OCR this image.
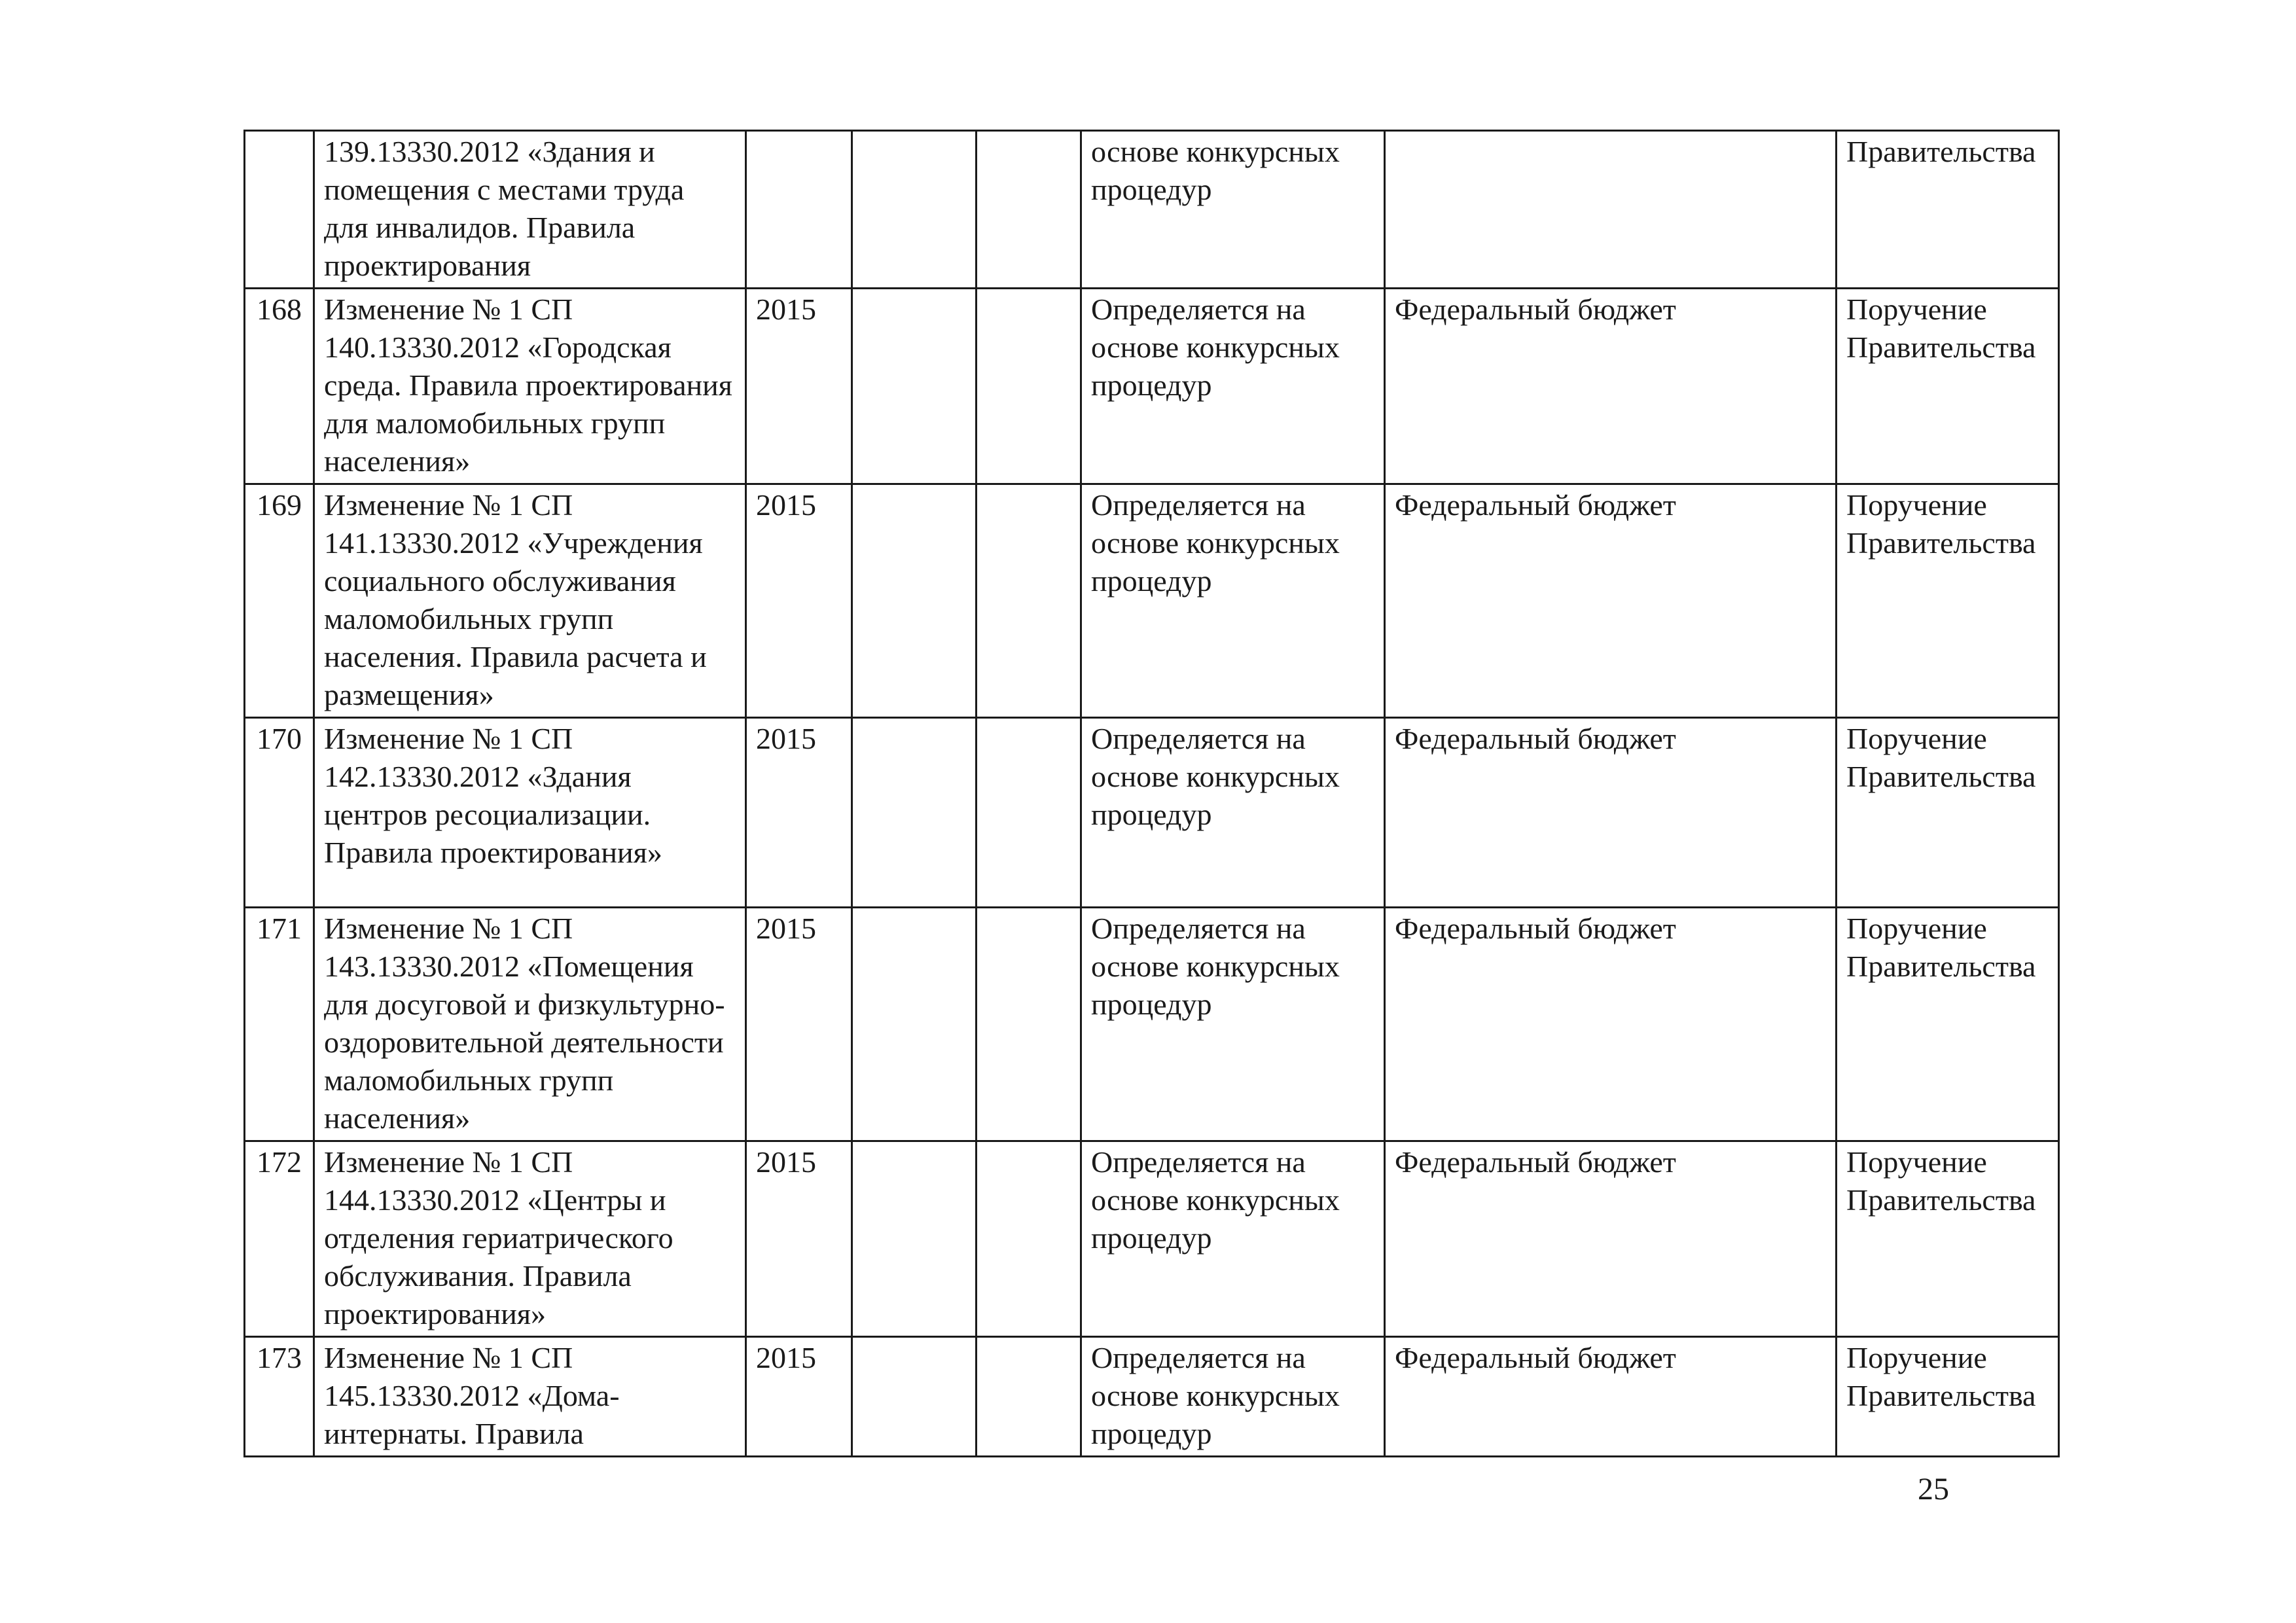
	139.13330.2012 «Здания и помещения с местами труда для инвалидов. Правила проектирования				основе конкурсных процедур		Правительства
168	Изменение № 1 СП 140.13330.2012 «Городская среда. Правила проектирования для маломобильных групп населения»	2015			Определяется на основе конкурсных процедур	Федеральный бюджет	Поручение Правительства
169	Изменение № 1 СП 141.13330.2012 «Учреждения социального обслуживания маломобильных групп населения. Правила расчета и размещения»	2015			Определяется на основе конкурсных процедур	Федеральный бюджет	Поручение Правительства
170	Изменение № 1 СП 142.13330.2012 «Здания центров ресоциализации. Правила проектирования»	2015			Определяется на основе конкурсных процедур	Федеральный бюджет	Поручение Правительства
171	Изменение № 1 СП 143.13330.2012 «Помещения для досуговой и физкультурно-оздоровительной деятельности маломобильных групп населения»	2015			Определяется на основе конкурсных процедур	Федеральный бюджет	Поручение Правительства
172	Изменение № 1 СП 144.13330.2012 «Центры и отделения гериатрического обслуживания. Правила проектирования»	2015			Определяется на основе конкурсных процедур	Федеральный бюджет	Поручение Правительства
173	Изменение № 1 СП 145.13330.2012 «Дома-интернаты. Правила	2015			Определяется на основе конкурсных процедур	Федеральный бюджет	Поручение Правительства
25
